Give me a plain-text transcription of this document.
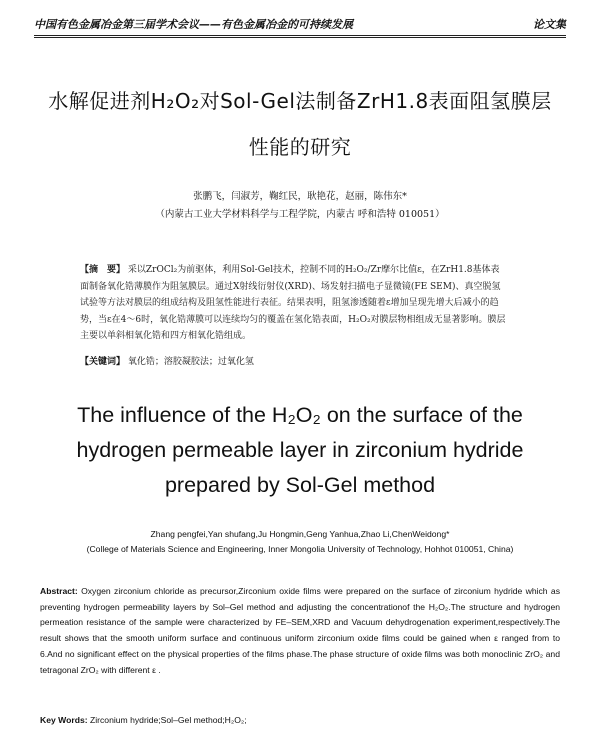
中国有色金属冶金第三届学术会议——有色金属冶金的可持续发展	论文集
水解促进剂H₂O₂对Sol-Gel法制备ZrH1.8表面阻氢膜层
性能的研究
张鹏飞，闫淑芳，鞠红民，耿艳花，赵丽，陈伟东*
（内蒙古工业大学材料科学与工程学院，内蒙古 呼和浩特 010051）
【摘　要】 采以ZrOCl₂为前驱体，利用Sol-Gel技术，控制不同的H₂O₂/Zr摩尔比值ε，在ZrH1.8基体表面制备氧化锆薄膜作为阻氢膜层。通过X射线衍射仪(XRD)、场发射扫描电子显微镜(FE SEM)、真空脱氢试验等方法对膜层的组成结构及阻氢性能进行表征。结果表明，阻氢渗透随着ε增加呈现先增大后减小的趋势，当ε在4～6时，氧化锆薄膜可以连续均匀的覆盖在氢化锆表面，H₂O₂对膜层物相组成无显著影响。膜层主要以单斜相氧化锆和四方相氧化锆组成。
【关键词】 氧化锆；溶胶凝胶法；过氧化氢
The influence of the H₂O₂ on the surface of the
hydrogen permeable layer in zirconium hydride
prepared by Sol-Gel method
Zhang pengfei,Yan shufang,Ju Hongmin,Geng Yanhua,Zhao Li,ChenWeidong*
(College of Materials Science and Engineering, Inner Mongolia University of Technology, Hohhot 010051, China)
Abstract: Oxygen zirconium chloride as precursor,Zirconium oxide films were prepared on the surface of zirconium hydride which as preventing hydrogen permeability layers by Sol–Gel method and adjusting the concentrationof the H₂O₂.The structure and hydrogen permeation resistance of the sample were characterized by FE–SEM,XRD and Vacuum dehydrogenation experiment,respectively.The result shows that the smooth uniform surface and continuous uniform zirconium oxide films could be gained when ε ranged from to 6.And no significant effect on the physical properties of the films phase.The phase structure of oxide films was both monoclinic ZrO₂ and tetragonal ZrO₂ with different ε .
Key Words: Zirconium hydride;Sol–Gel method;H₂O₂;
